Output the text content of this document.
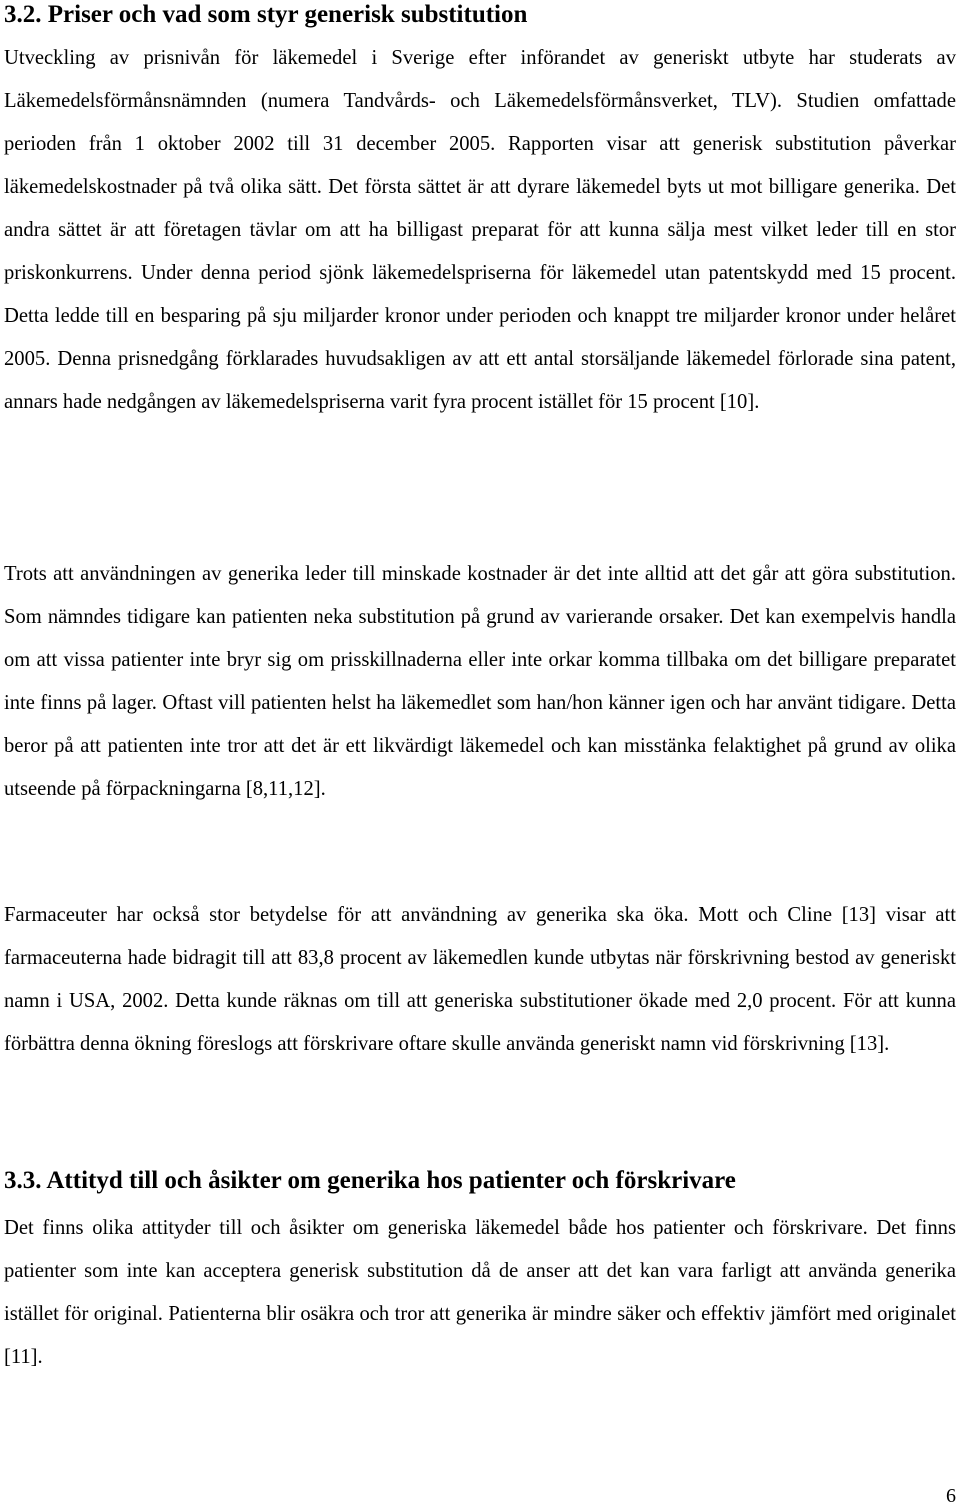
3.2. Priser och vad som styr generisk substitution

Utveckling av prisnivån för läkemedel i Sverige efter införandet av generiskt utbyte har studerats av Läkemedelsförmånsnämnden (numera Tandvårds- och Läkemedelsförmånsverket, TLV). Studien omfattade perioden från 1 oktober 2002 till 31 december 2005. Rapporten visar att generisk substitution påverkar läkemedelskostnader på två olika sätt. Det första sättet är att dyrare läkemedel byts ut mot billigare generika. Det andra sättet är att företagen tävlar om att ha billigast preparat för att kunna sälja mest vilket leder till en stor priskonkurrens. Under denna period sjönk läkemedelspriserna för läkemedel utan patentskydd med 15 procent. Detta ledde till en besparing på sju miljarder kronor under perioden och knappt tre miljarder kronor under helåret 2005. Denna prisnedgång förklarades huvudsakligen av att ett antal storsäljande läkemedel förlorade sina patent, annars hade nedgången av läkemedelspriserna varit fyra procent istället för 15 procent [10].

Trots att användningen av generika leder till minskade kostnader är det inte alltid att det går att göra substitution. Som nämndes tidigare kan patienten neka substitution på grund av varierande orsaker. Det kan exempelvis handla om att vissa patienter inte bryr sig om prisskillnaderna eller inte orkar komma tillbaka om det billigare preparatet inte finns på lager. Oftast vill patienten helst ha läkemedlet som han/hon känner igen och har använt tidigare. Detta beror på att patienten inte tror att det är ett likvärdigt läkemedel och kan misstänka felaktighet på grund av olika utseende på förpackningarna [8,11,12].

Farmaceuter har också stor betydelse för att användning av generika ska öka. Mott och Cline [13] visar att farmaceuterna hade bidragit till att 83,8 procent av läkemedlen kunde utbytas när förskrivning bestod av generiskt namn i USA, 2002. Detta kunde räknas om till att generiska substitutioner ökade med 2,0 procent. För att kunna förbättra denna ökning föreslogs att förskrivare oftare skulle använda generiskt namn vid förskrivning [13].

3.3. Attityd till och åsikter om generika hos patienter och förskrivare

Det finns olika attityder till och åsikter om generiska läkemedel både hos patienter och förskrivare. Det finns patienter som inte kan acceptera generisk substitution då de anser att det kan vara farligt att använda generika istället för original. Patienterna blir osäkra och tror att generika är mindre säker och effektiv jämfört med originalet [11].

6
